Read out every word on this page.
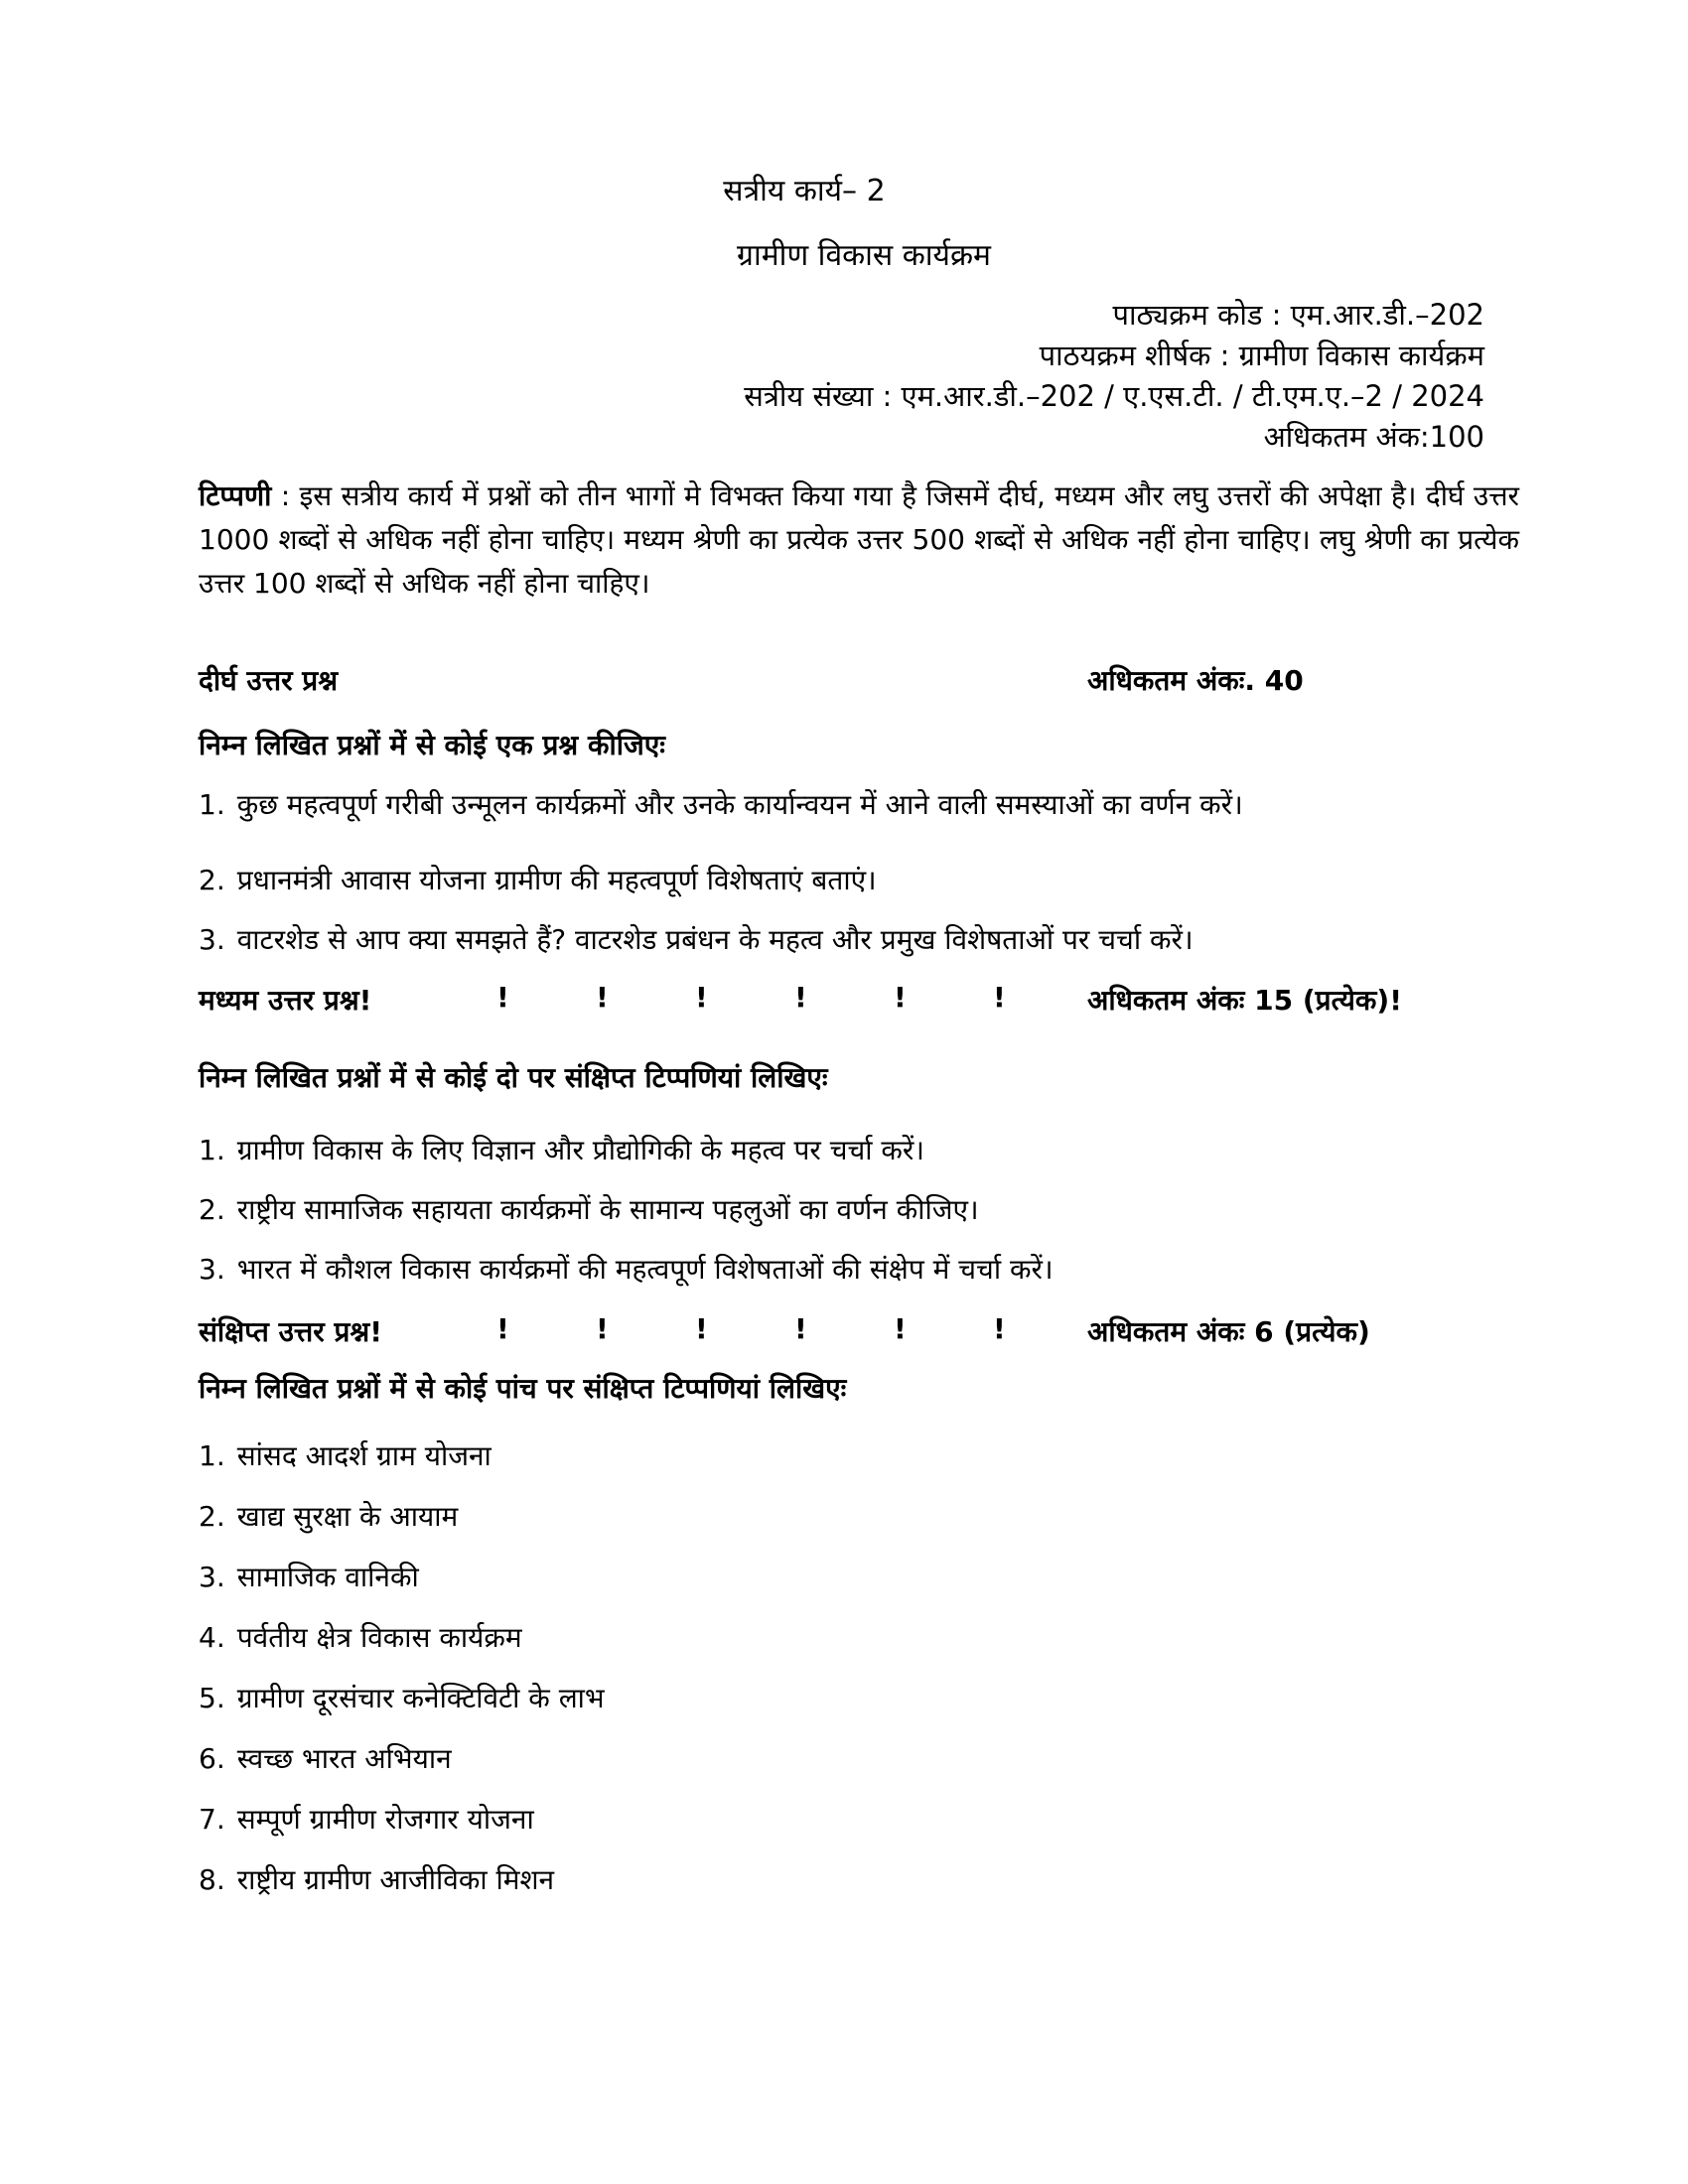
सत्रीय कार्य– 2
ग्रामीण विकास कार्यक्रम
पाठ्यक्रम कोड : एम.आर.डी.–202
पाठयक्रम शीर्षक : ग्रामीण विकास कार्यक्रम
सत्रीय संख्या : एम.आर.डी.–202 / ए.एस.टी. / टी.एम.ए.–2 / 2024
अधिकतम अंक:100
टिप्पणी : इस सत्रीय कार्य में प्रश्नों को तीन भागों मे विभक्त किया गया है जिसमें दीर्घ, मध्यम और लघु उत्तरों की अपेक्षा है। दीर्घ उत्तर 1000 शब्दों से अधिक नहीं होना चाहिए। मध्यम श्रेणी का प्रत्येक उत्तर 500 शब्दों से अधिक नहीं होना चाहिए। लघु श्रेणी का प्रत्येक उत्तर 100 शब्दों से अधिक नहीं होना चाहिए।
दीर्घ उत्तर प्रश्न	अधिकतम अंकः. 40
निम्न लिखित प्रश्नों में से कोई एक प्रश्न कीजिएः
1. कुछ महत्वपूर्ण गरीबी उन्मूलन कार्यक्रमों और उनके कार्यान्वयन में आने वाली समस्याओं का वर्णन करें।
2. प्रधानमंत्री आवास योजना ग्रामीण की महत्वपूर्ण विशेषताएं बताएं।
3. वाटरशेड से आप क्या समझते हैं? वाटरशेड प्रबंधन के महत्व और प्रमुख विशेषताओं पर चर्चा करें।
मध्यम उत्तर प्रश्न!	!	!	!	!	!	!	अधिकतम अंकः 15 (प्रत्येक)!
निम्न लिखित प्रश्नों में से कोई दो पर संक्षिप्त टिप्पणियां लिखिएः
1. ग्रामीण विकास के लिए विज्ञान और प्रौद्योगिकी के महत्व पर चर्चा करें।
2. राष्ट्रीय सामाजिक सहायता कार्यक्रमों के सामान्य पहलुओं का वर्णन कीजिए।
3. भारत में कौशल विकास कार्यक्रमों की महत्वपूर्ण विशेषताओं की संक्षेप में चर्चा करें।
संक्षिप्त उत्तर प्रश्न!	!	!	!	!	!	!	अधिकतम अंकः 6 (प्रत्येक)
निम्न लिखित प्रश्नों में से कोई पांच पर संक्षिप्त टिप्पणियां लिखिएः
1. सांसद आदर्श ग्राम योजना
2. खाद्य सुरक्षा के आयाम
3. सामाजिक वानिकी
4. पर्वतीय क्षेत्र विकास कार्यक्रम
5. ग्रामीण दूरसंचार कनेक्टिविटी के लाभ
6. स्वच्छ भारत अभियान
7. सम्पूर्ण ग्रामीण रोजगार योजना
8. राष्ट्रीय ग्रामीण आजीविका मिशन
